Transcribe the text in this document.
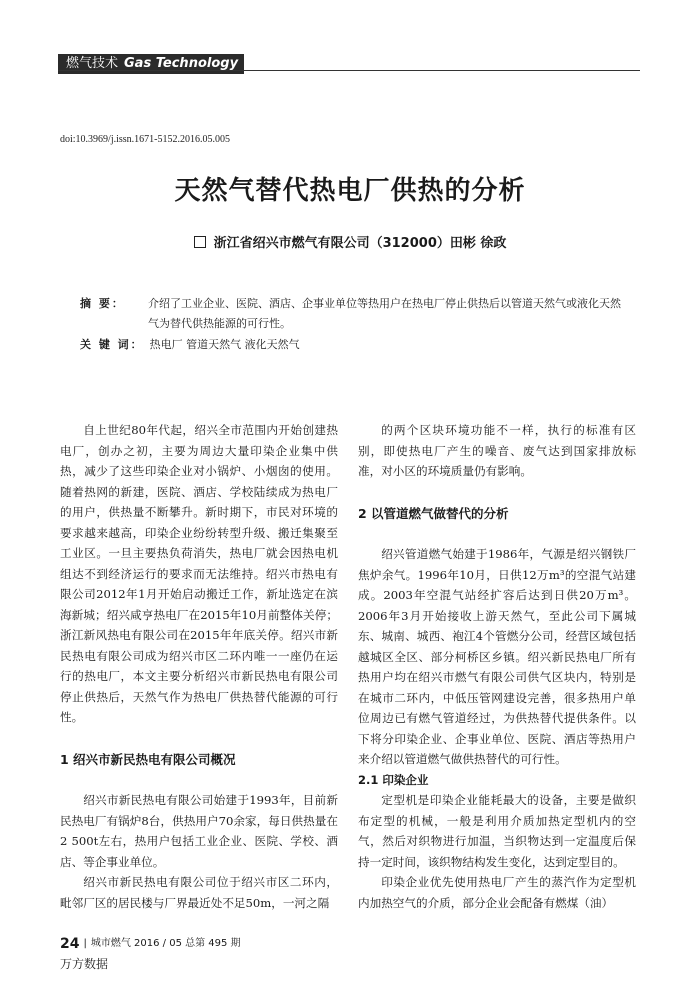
燃气技术 Gas Technology
doi:10.3969/j.issn.1671-5152.2016.05.005
天然气替代热电厂供热的分析
浙江省绍兴市燃气有限公司（312000）田彬 徐政
摘 要： 介绍了工业企业、医院、酒店、企事业单位等热用户在热电厂停止供热后以管道天然气或液化天然气为替代供热能源的可行性。
关 键 词： 热电厂 管道天然气 液化天然气

自上世纪80年代起，绍兴全市范围内开始创建热电厂，创办之初，主要为周边大量印染企业集中供热，减少了这些印染企业对小锅炉、小烟囱的使用。随着热网的新建，医院、酒店、学校陆续成为热电厂的用户，供热量不断攀升。新时期下，市民对环境的要求越来越高，印染企业纷纷转型升级、搬迁集聚至工业区。一旦主要热负荷消失，热电厂就会因热电机组达不到经济运行的要求而无法维持。绍兴市热电有限公司2012年1月开始启动搬迁工作，新址选定在滨海新城；绍兴咸亨热电厂在2015年10月前整体关停；浙江新风热电有限公司在2015年年底关停。绍兴市新民热电有限公司成为绍兴市区二环内唯一一座仍在运行的热电厂，本文主要分析绍兴市新民热电有限公司停止供热后，天然气作为热电厂供热替代能源的可行性。

1 绍兴市新民热电有限公司概况

绍兴市新民热电有限公司始建于1993年，目前新民热电厂有锅炉8台，供热用户70余家，每日供热量在2 500t左右，热用户包括工业企业、医院、学校、酒店、等企事业单位。

绍兴市新民热电有限公司位于绍兴市区二环内，毗邻厂区的居民楼与厂界最近处不足50m，一河之隔

的两个区块环境功能不一样，执行的标准有区别，即使热电厂产生的噪音、废气达到国家排放标准，对小区的环境质量仍有影响。

2 以管道燃气做替代的分析

绍兴管道燃气始建于1986年，气源是绍兴钢铁厂焦炉余气。1996年10月，日供12万m³的空混气站建成。2003年空混气站经扩容后达到日供20万m³。2006年3月开始接收上游天然气，至此公司下属城东、城南、城西、袍江4个管燃分公司，经营区域包括越城区全区、部分柯桥区乡镇。绍兴新民热电厂所有热用户均在绍兴市燃气有限公司供气区块内，特别是在城市二环内，中低压管网建设完善，很多热用户单位周边已有燃气管道经过，为供热替代提供条件。以下将分印染企业、企事业单位、医院、酒店等热用户来介绍以管道燃气做供热替代的可行性。

2.1 印染企业

定型机是印染企业能耗最大的设备，主要是做织布定型的机械，一般是利用介质加热定型机内的空气，然后对织物进行加温，当织物达到一定温度后保持一定时间，该织物结构发生变化，达到定型目的。

印染企业优先使用热电厂产生的蒸汽作为定型机内加热空气的介质，部分企业会配备有燃煤（油）

24 | 城市燃气 2016 / 05 总第 495 期
万方数据
